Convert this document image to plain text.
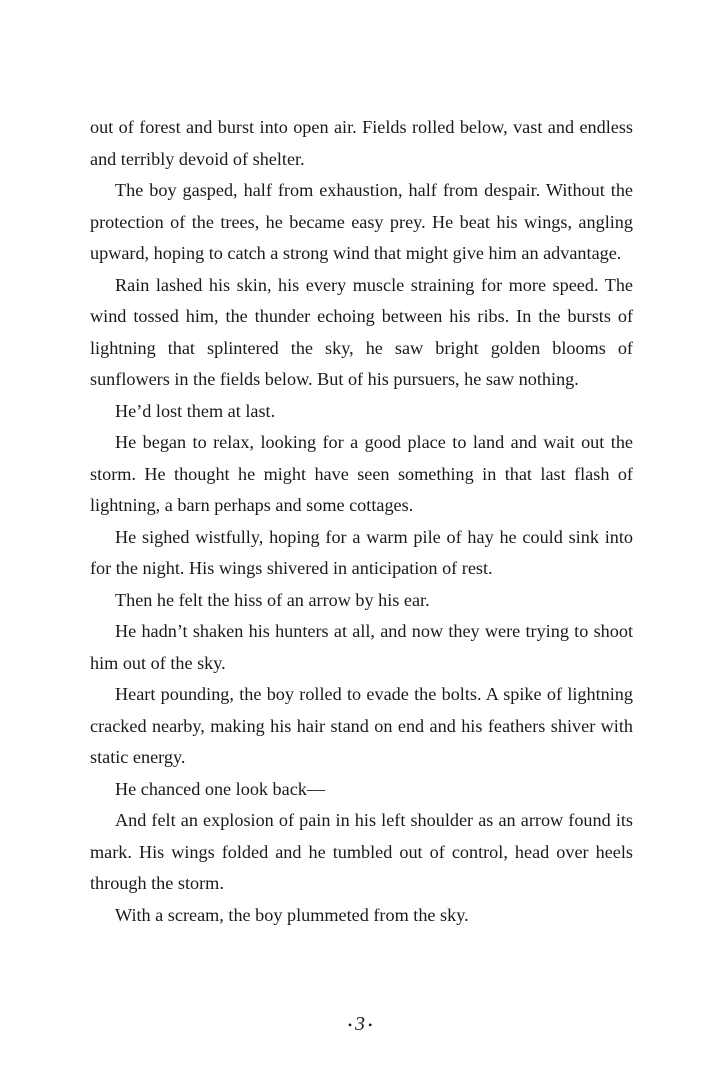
out of forest and burst into open air. Fields rolled below, vast and endless and terribly devoid of shelter.

The boy gasped, half from exhaustion, half from despair. Without the protection of the trees, he became easy prey. He beat his wings, angling upward, hoping to catch a strong wind that might give him an advantage.

Rain lashed his skin, his every muscle straining for more speed. The wind tossed him, the thunder echoing between his ribs. In the bursts of lightning that splintered the sky, he saw bright golden blooms of sunflowers in the fields below. But of his pursuers, he saw nothing.

He’d lost them at last.

He began to relax, looking for a good place to land and wait out the storm. He thought he might have seen something in that last flash of lightning, a barn perhaps and some cottages.

He sighed wistfully, hoping for a warm pile of hay he could sink into for the night. His wings shivered in anticipation of rest.

Then he felt the hiss of an arrow by his ear.

He hadn’t shaken his hunters at all, and now they were trying to shoot him out of the sky.

Heart pounding, the boy rolled to evade the bolts. A spike of lightning cracked nearby, making his hair stand on end and his feathers shiver with static energy.

He chanced one look back—

And felt an explosion of pain in his left shoulder as an arrow found its mark. His wings folded and he tumbled out of control, head over heels through the storm.

With a scream, the boy plummeted from the sky.

• 3 •
